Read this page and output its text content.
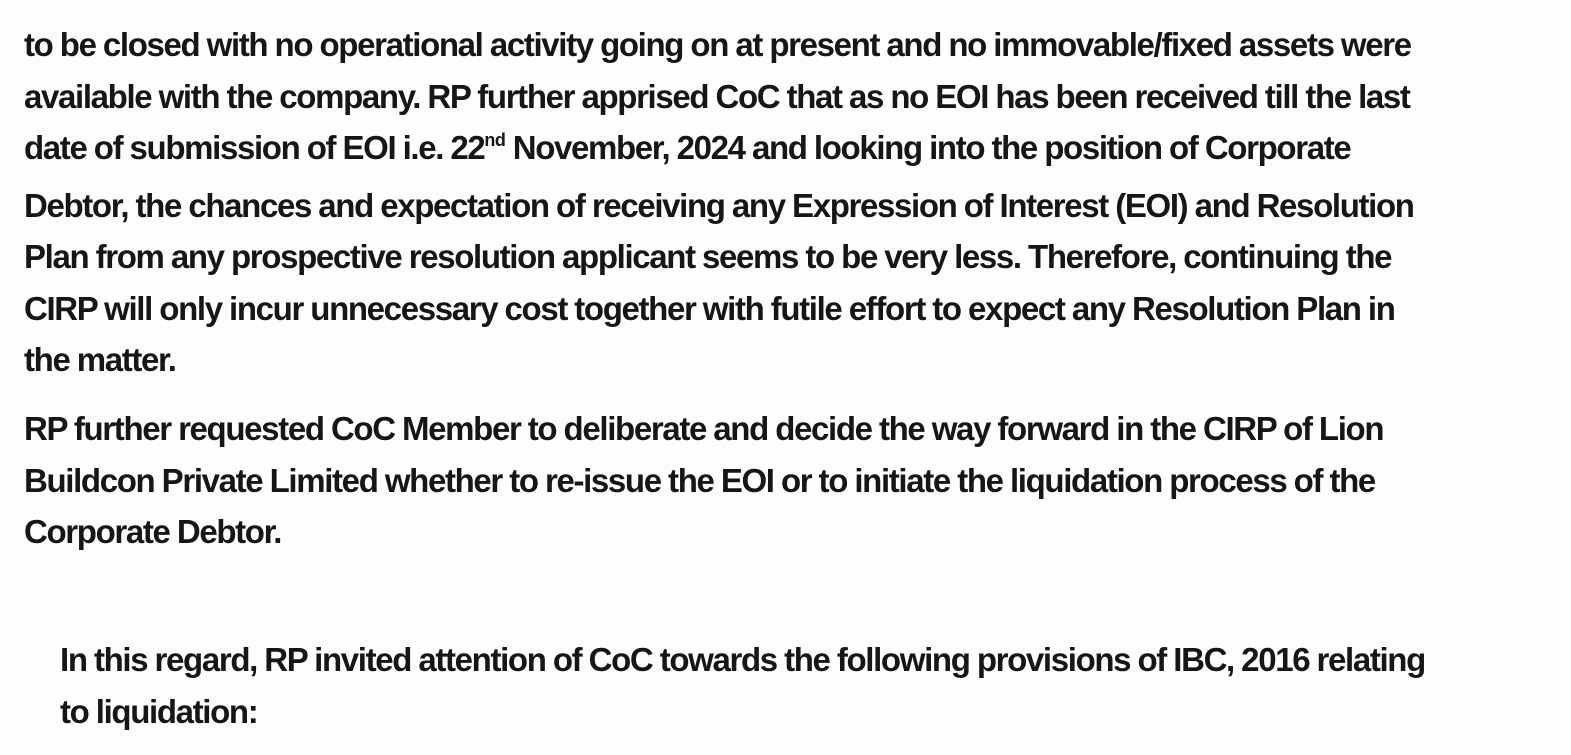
to be closed with no operational activity going on at present and no immovable/fixed assets were
available with the company. RP further apprised CoC that as no EOI has been received till the last
date of submission of EOI i.e. 22nd November, 2024 and looking into the position of Corporate
Debtor, the chances and expectation of receiving any Expression of Interest (EOI) and Resolution
Plan from any prospective resolution applicant seems to be very less. Therefore, continuing the
CIRP will only incur unnecessary cost together with futile effort to expect any Resolution Plan in
the matter.

RP further requested CoC Member to deliberate and decide the way forward in the CIRP of Lion
Buildcon Private Limited whether to re-issue the EOI or to initiate the liquidation process of the
Corporate Debtor.

In this regard, RP invited attention of CoC towards the following provisions of IBC, 2016 relating
to liquidation:
